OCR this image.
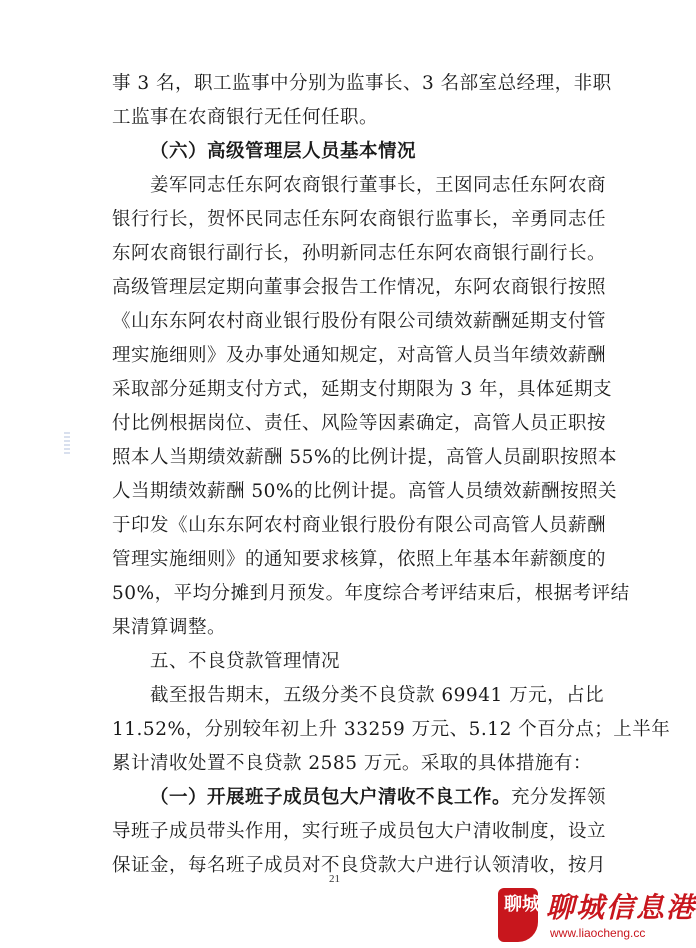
事 3 名，职工监事中分别为监事长、3 名部室总经理，非职
工监事在农商银行无任何任职。
（六）高级管理层人员基本情况
姜军同志任东阿农商银行董事长，王囡同志任东阿农商
银行行长，贺怀民同志任东阿农商银行监事长，辛勇同志任
东阿农商银行副行长，孙明新同志任东阿农商银行副行长。
高级管理层定期向董事会报告工作情况，东阿农商银行按照
《山东东阿农村商业银行股份有限公司绩效薪酬延期支付管
理实施细则》及办事处通知规定，对高管人员当年绩效薪酬
采取部分延期支付方式，延期支付期限为 3 年，具体延期支
付比例根据岗位、责任、风险等因素确定，高管人员正职按
照本人当期绩效薪酬 55%的比例计提，高管人员副职按照本
人当期绩效薪酬 50%的比例计提。高管人员绩效薪酬按照关
于印发《山东东阿农村商业银行股份有限公司高管人员薪酬
管理实施细则》的通知要求核算，依照上年基本年薪额度的
50%，平均分摊到月预发。年度综合考评结束后，根据考评结
果清算调整。
五、不良贷款管理情况
截至报告期末，五级分类不良贷款 69941 万元，占比
11.52%，分别较年初上升 33259 万元、5.12 个百分点；上半年
累计清收处置不良贷款 2585 万元。采取的具体措施有：
（一）开展班子成员包大户清收不良工作。充分发挥领
导班子成员带头作用，实行班子成员包大户清收制度，设立
保证金，每名班子成员对不良贷款大户进行认领清收，按月
21
聊城 聊城信息港
www.liaocheng.cc
